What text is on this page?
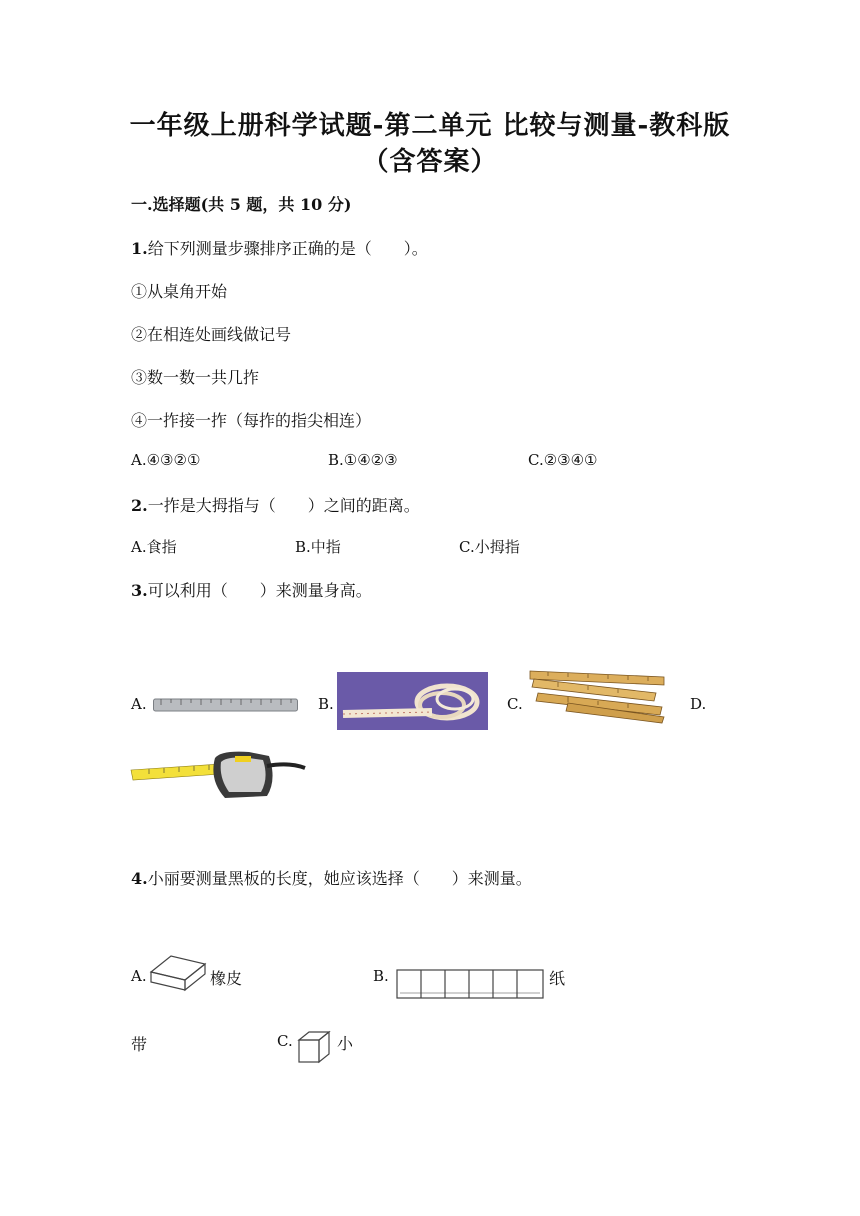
一年级上册科学试题-第二单元 比较与测量-教科版
（含答案）
一.选择题(共 5 题，共 10 分)
1.给下列测量步骤排序正确的是（　　）。
①从桌角开始
②在相连处画线做记号
③数一数一共几拃
④一拃接一拃（每拃的指尖相连）
A.④③②①	B.①④②③	C.②③④①
2.一拃是大拇指与（　　）之间的距离。
A.食指	B.中指	C.小拇指
3.可以利用（　　）来测量身高。
A.	B.	C.	D.
4.小丽要测量黑板的长度，她应该选择（　　）来测量。
A.	橡皮	B.	纸
带	C.	小
